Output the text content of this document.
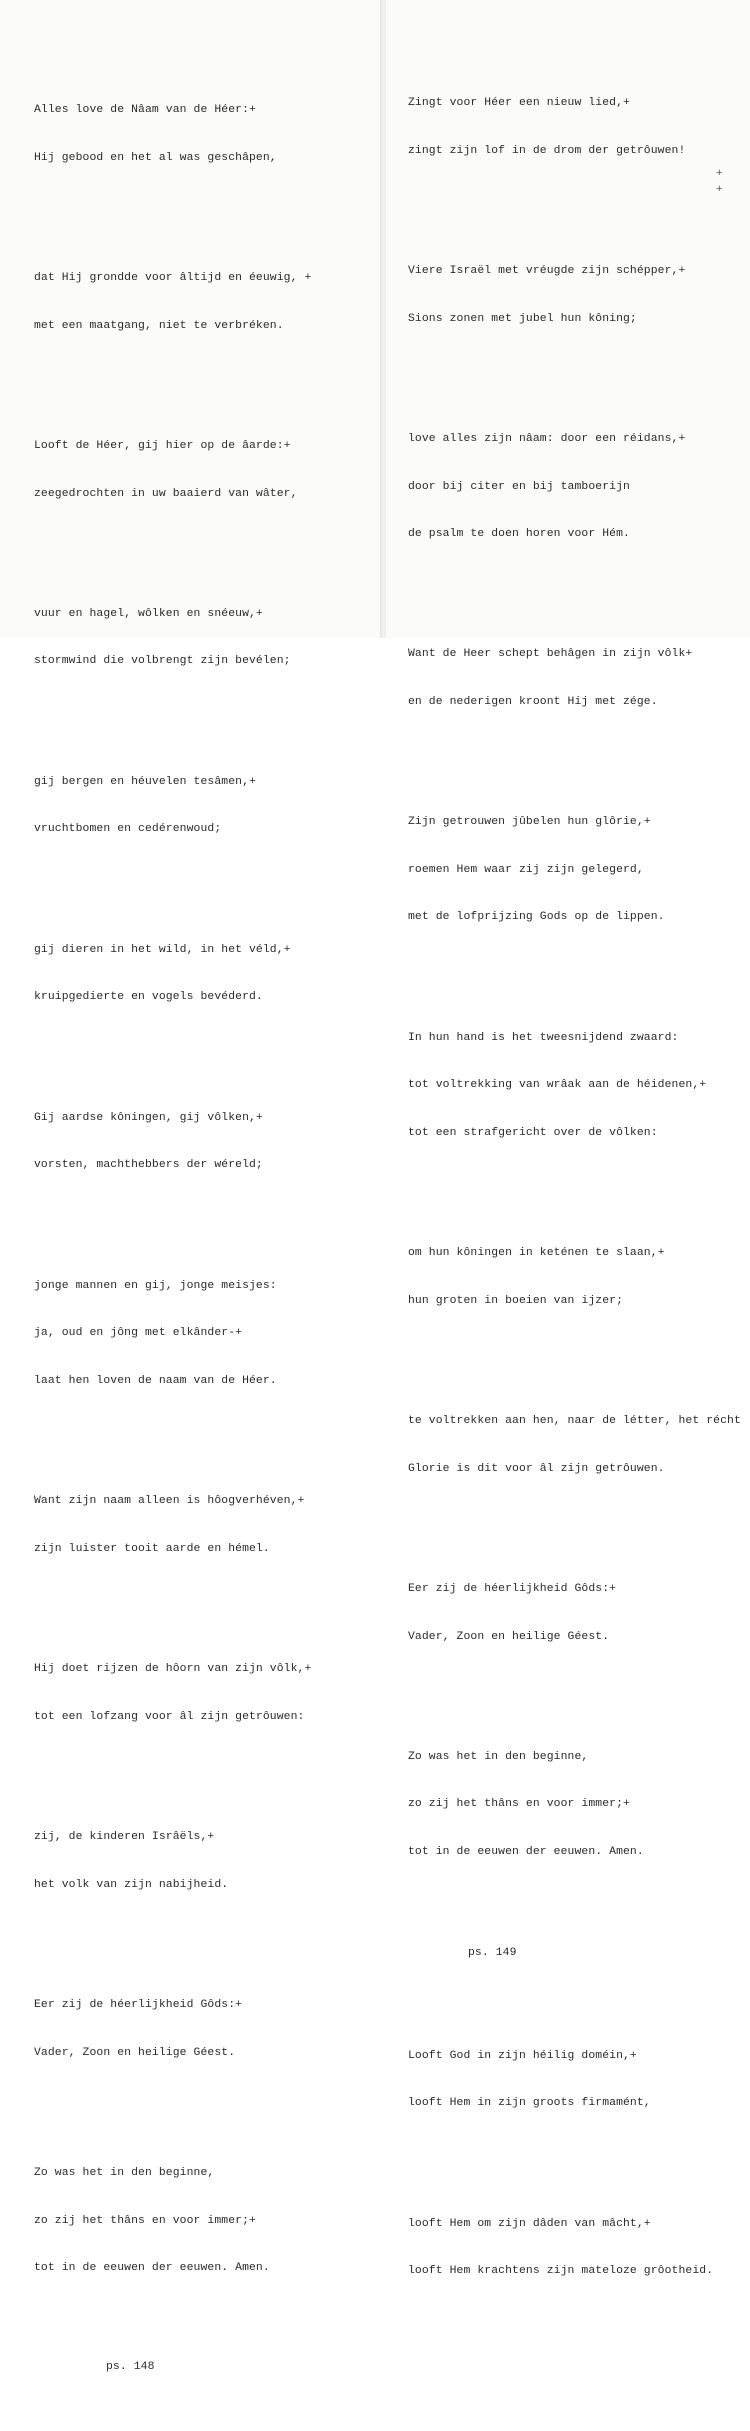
Alles love de Nâam van de Héer:+

Hij gebood en het al was geschâpen,

dat Hij grondde voor âltijd en éeuwig, +

met een maatgang, niet te verbréken.

Looft de Héer, gij hier op de âarde:+

zeegedrochten in uw baaierd van wâter,

vuur en hagel, wôlken en snéeuw,+

stormwind die volbrengt zijn bevélen;

gij bergen en héuvelen tesâmen,+

vruchtbomen en cedérenwoud;

gij dieren in het wild, in het véld,+

kruipgedierte en vogels bevéderd.

Gij aardse kôningen, gij vôlken,+

vorsten, machthebbers der wéreld;

jonge mannen en gij, jonge meisjes:

ja, oud en jông met elkânder-+

laat hen loven de naam van de Héer.

Want zijn naam alleen is hôogverhéven,+

zijn luister tooit aarde en hémel.

Hij doet rijzen de hôorn van zijn vôlk,+

tot een lofzang voor âl zijn getrôuwen:

zij, de kinderen Isrâëls,+

het volk van zijn nabijheid.

Eer zij de héerlijkheid Gôds:+

Vader, Zoon en heilige Géest.

Zo was het in den beginne,

zo zij het thâns en voor immer;+

tot in de eeuwen der eeuwen. Amen.

ps. 148

Zingt voor Héer een nieuw lied,+

zingt zijn lof in de drom der getrôuwen!

Viere Israël met vréugde zijn schépper,+

Sions zonen met jubel hun kôning;

love alles zijn nâam: door een réidans,+

door bij citer en bij tamboerijn

de psalm te doen horen voor Hém.

Want de Heer schept behâgen in zijn vôlk+

en de nederigen kroont Hij met zége.

Zijn getrouwen jûbelen hun glôrie,+

roemen Hem waar zij zijn gelegerd,

met de lofprijzing Gods op de lippen.

In hun hand is het tweesnijdend zwaard:

tot voltrekking van wrâak aan de héidenen,+

tot een strafgericht over de vôlken:

om hun kôningen in keténen te slaan,+

hun groten in boeien van ijzer;

te voltrekken aan hen, naar de létter, het récht

Glorie is dit voor âl zijn getrôuwen.

Eer zij de héerlijkheid Gôds:+

Vader, Zoon en heilige Géest.

Zo was het in den beginne,

zo zij het thâns en voor immer;+

tot in de eeuwen der eeuwen. Amen.

ps. 149

Looft God in zijn héilig doméin,+

looft Hem in zijn groots firmamént,

looft Hem om zijn dâden van mâcht,+

looft Hem krachtens zijn mateloze grôotheid.

+
+
